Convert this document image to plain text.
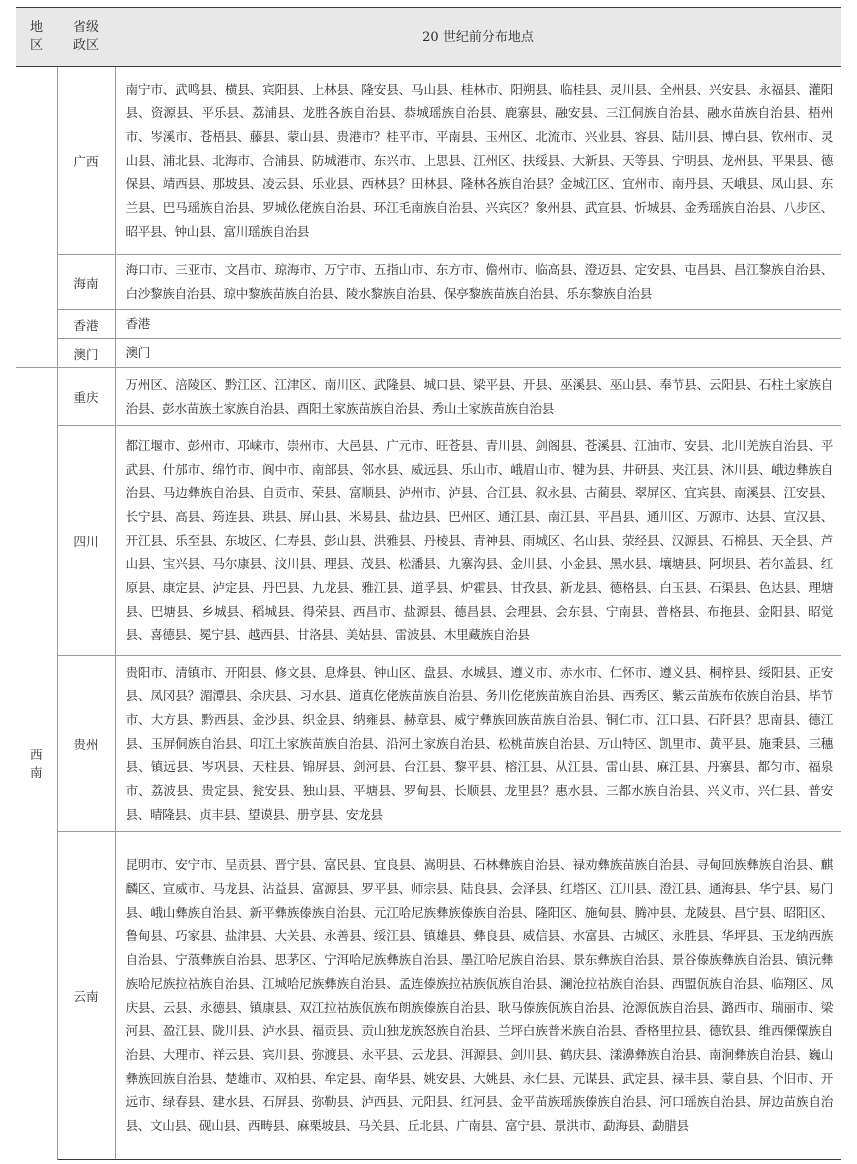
地区	省级政区	20 世纪前分布地点
	广西	南宁市、武鸣县、横县、宾阳县、上林县、隆安县、马山县、桂林市、阳朔县、临桂县、灵川县、全州县、兴安县、永福县、灌阳县、资源县、平乐县、荔浦县、龙胜各族自治县、恭城瑶族自治县、鹿寨县、融安县、三江侗族自治县、融水苗族自治县、梧州市、岑溪市、苍梧县、藤县、蒙山县、贵港市？桂平市、平南县、玉州区、北流市、兴业县、容县、陆川县、博白县、钦州市、灵山县、浦北县、北海市、合浦县、防城港市、东兴市、上思县、江州区、扶绥县、大新县、天等县、宁明县、龙州县、平果县、德保县、靖西县、那坡县、凌云县、乐业县、西林县？田林县、隆林各族自治县？金城江区、宜州市、南丹县、天峨县、凤山县、东兰县、巴马瑶族自治县、罗城仫佬族自治县、环江毛南族自治县、兴宾区？象州县、武宣县、忻城县、金秀瑶族自治县、八步区、昭平县、钟山县、富川瑶族自治县
	海南	海口市、三亚市、文昌市、琼海市、万宁市、五指山市、东方市、儋州市、临高县、澄迈县、定安县、屯昌县、昌江黎族自治县、白沙黎族自治县、琼中黎族苗族自治县、陵水黎族自治县、保亭黎族苗族自治县、乐东黎族自治县
	香港	香港
	澳门	澳门
西南	重庆	万州区、涪陵区、黔江区、江津区、南川区、武隆县、城口县、梁平县、开县、巫溪县、巫山县、奉节县、云阳县、石柱土家族自治县、彭水苗族土家族自治县、酉阳土家族苗族自治县、秀山土家族苗族自治县
	四川	都江堰市、彭州市、邛崃市、崇州市、大邑县、广元市、旺苍县、青川县、剑阁县、苍溪县、江油市、安县、北川羌族自治县、平武县、什邡市、绵竹市、阆中市、南部县、邻水县、威远县、乐山市、峨眉山市、犍为县、井研县、夹江县、沐川县、峨边彝族自治县、马边彝族自治县、自贡市、荣县、富顺县、泸州市、泸县、合江县、叙永县、古蔺县、翠屏区、宜宾县、南溪县、江安县、长宁县、高县、筠连县、珙县、屏山县、米易县、盐边县、巴州区、通江县、南江县、平昌县、通川区、万源市、达县、宣汉县、开江县、乐至县、东坡区、仁寿县、彭山县、洪雅县、丹棱县、青神县、雨城区、名山县、荥经县、汉源县、石棉县、天全县、芦山县、宝兴县、马尔康县、汶川县、理县、茂县、松潘县、九寨沟县、金川县、小金县、黑水县、壤塘县、阿坝县、若尔盖县、红原县、康定县、泸定县、丹巴县、九龙县、雅江县、道孚县、炉霍县、甘孜县、新龙县、德格县、白玉县、石渠县、色达县、理塘县、巴塘县、乡城县、稻城县、得荣县、西昌市、盐源县、德昌县、会理县、会东县、宁南县、普格县、布拖县、金阳县、昭觉县、喜德县、冕宁县、越西县、甘洛县、美姑县、雷波县、木里藏族自治县
	贵州	贵阳市、清镇市、开阳县、修文县、息烽县、钟山区、盘县、水城县、遵义市、赤水市、仁怀市、遵义县、桐梓县、绥阳县、正安县、凤冈县？湄潭县、余庆县、习水县、道真仡佬族苗族自治县、务川仡佬族苗族自治县、西秀区、紫云苗族布依族自治县、毕节市、大方县、黔西县、金沙县、织金县、纳雍县、赫章县、威宁彝族回族苗族自治县、铜仁市、江口县、石阡县？思南县、德江县、玉屏侗族自治县、印江土家族苗族自治县、沿河土家族自治县、松桃苗族自治县、万山特区、凯里市、黄平县、施秉县、三穗县、镇远县、岑巩县、天柱县、锦屏县、剑河县、台江县、黎平县、榕江县、从江县、雷山县、麻江县、丹寨县、都匀市、福泉市、荔波县、贵定县、瓮安县、独山县、平塘县、罗甸县、长顺县、龙里县？惠水县、三都水族自治县、兴义市、兴仁县、普安县、晴隆县、贞丰县、望谟县、册亨县、安龙县
	云南	昆明市、安宁市、呈贡县、晋宁县、富民县、宜良县、嵩明县、石林彝族自治县、禄劝彝族苗族自治县、寻甸回族彝族自治县、麒麟区、宣威市、马龙县、沾益县、富源县、罗平县、师宗县、陆良县、会泽县、红塔区、江川县、澄江县、通海县、华宁县、易门县、峨山彝族自治县、新平彝族傣族自治县、元江哈尼族彝族傣族自治县、隆阳区、施甸县、腾冲县、龙陵县、昌宁县、昭阳区、鲁甸县、巧家县、盐津县、大关县、永善县、绥江县、镇雄县、彝良县、威信县、水富县、古城区、永胜县、华坪县、玉龙纳西族自治县、宁蒗彝族自治县、思茅区、宁洱哈尼族彝族自治县、墨江哈尼族自治县、景东彝族自治县、景谷傣族彝族自治县、镇沅彝族哈尼族拉祜族自治县、江城哈尼族彝族自治县、孟连傣族拉祜族佤族自治县、澜沧拉祜族自治县、西盟佤族自治县、临翔区、凤庆县、云县、永德县、镇康县、双江拉祜族佤族布朗族傣族自治县、耿马傣族佤族自治县、沧源佤族自治县、潞西市、瑞丽市、梁河县、盈江县、陇川县、泸水县、福贡县、贡山独龙族怒族自治县、兰坪白族普米族自治县、香格里拉县、德钦县、维西傈僳族自治县、大理市、祥云县、宾川县、弥渡县、永平县、云龙县、洱源县、剑川县、鹤庆县、漾濞彝族自治县、南涧彝族自治县、巍山彝族回族自治县、楚雄市、双柏县、牟定县、南华县、姚安县、大姚县、永仁县、元谋县、武定县、禄丰县、蒙自县、个旧市、开远市、绿春县、建水县、石屏县、弥勒县、泸西县、元阳县、红河县、金平苗族瑶族傣族自治县、河口瑶族自治县、屏边苗族自治县、文山县、砚山县、西畴县、麻栗坡县、马关县、丘北县、广南县、富宁县、景洪市、勐海县、勐腊县
